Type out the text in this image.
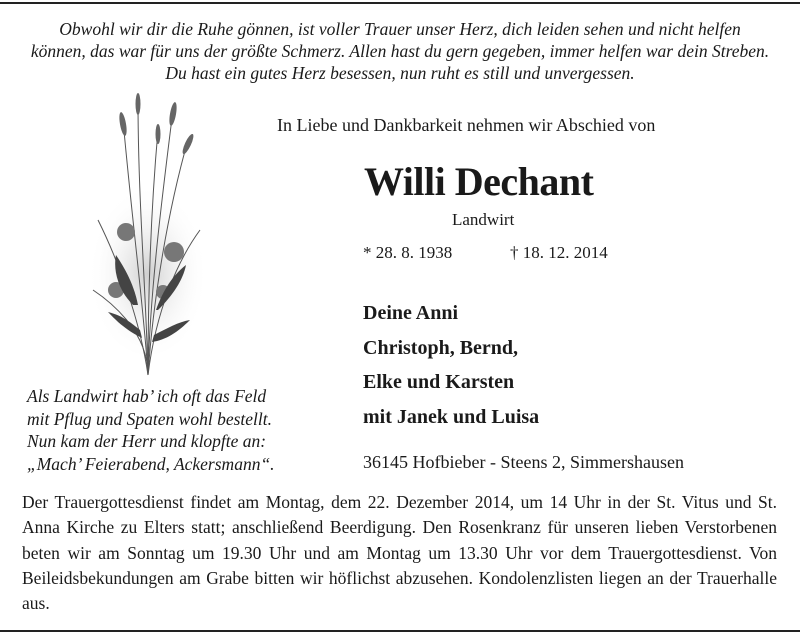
Obwohl wir dir die Ruhe gönnen, ist voller Trauer unser Herz, dich leiden sehen und nicht helfen
können, das war für uns der größte Schmerz. Allen hast du gern gegeben, immer helfen war dein Streben.
Du hast ein gutes Herz besessen, nun ruht es still und unvergessen.
In Liebe und Dankbarkeit nehmen wir Abschied von
Willi Dechant
Landwirt
* 28. 8. 1938	† 18. 12. 2014
Deine Anni
Christoph, Bernd,
Elke und Karsten
mit Janek und Luisa
Als Landwirt hab’ ich oft das Feld
mit Pflug und Spaten wohl bestellt.
Nun kam der Herr und klopfte an:
„Mach’ Feierabend, Ackersmann“.	36145 Hofbieber - Steens 2, Simmershausen
Der Trauergottesdienst findet am Montag, dem 22. Dezember 2014, um 14 Uhr in der St. Vitus und St. Anna Kirche zu Elters statt; anschließend Beerdigung. Den Rosenkranz für unseren lieben Verstorbenen beten wir am Sonntag um 19.30 Uhr und am Montag um 13.30 Uhr vor dem Trauergottesdienst. Von Beileidsbekundungen am Grabe bitten wir höflichst abzusehen. Kondolenzlisten liegen an der Trauerhalle aus.
